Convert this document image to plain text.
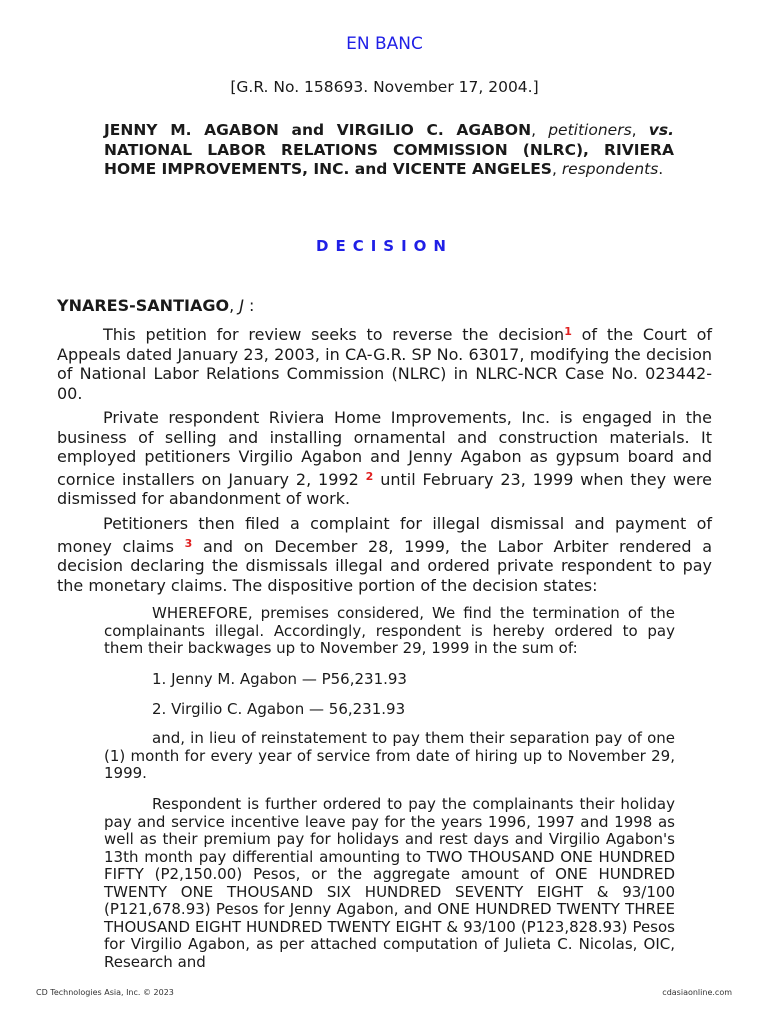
EN BANC
[G.R. No. 158693. November 17, 2004.]
JENNY M. AGABON and VIRGILIO C. AGABON, petitioners, vs. NATIONAL LABOR RELATIONS COMMISSION (NLRC), RIVIERA HOME IMPROVEMENTS, INC. and VICENTE ANGELES, respondents.
DECISION
YNARES-SANTIAGO, J :
This petition for review seeks to reverse the decision$^1$ of the Court of Appeals dated January 23, 2003, in CA-G.R. SP No. 63017, modifying the decision of National Labor Relations Commission (NLRC) in NLRC-NCR Case No. 023442-00.
Private respondent Riviera Home Improvements, Inc. is engaged in the business of selling and installing ornamental and construction materials. It employed petitioners Virgilio Agabon and Jenny Agabon as gypsum board and cornice installers on January 2, 1992 $^2$ until February 23, 1999 when they were dismissed for abandonment of work.
Petitioners then filed a complaint for illegal dismissal and payment of money claims $^3$ and on December 28, 1999, the Labor Arbiter rendered a decision declaring the dismissals illegal and ordered private respondent to pay the monetary claims. The dispositive portion of the decision states:
WHEREFORE, premises considered, We find the termination of the complainants illegal. Accordingly, respondent is hereby ordered to pay them their backwages up to November 29, 1999 in the sum of:
1. Jenny M. Agabon — P56,231.93
2. Virgilio C. Agabon — 56,231.93
and, in lieu of reinstatement to pay them their separation pay of one (1) month for every year of service from date of hiring up to November 29, 1999.
Respondent is further ordered to pay the complainants their holiday pay and service incentive leave pay for the years 1996, 1997 and 1998 as well as their premium pay for holidays and rest days and Virgilio Agabon's 13th month pay differential amounting to TWO THOUSAND ONE HUNDRED FIFTY (P2,150.00) Pesos, or the aggregate amount of ONE HUNDRED TWENTY ONE THOUSAND SIX HUNDRED SEVENTY EIGHT & 93/100 (P121,678.93) Pesos for Jenny Agabon, and ONE HUNDRED TWENTY THREE THOUSAND EIGHT HUNDRED TWENTY EIGHT & 93/100 (P123,828.93) Pesos for Virgilio Agabon, as per attached computation of Julieta C. Nicolas, OIC, Research and
CD Technologies Asia, Inc. © 2023	cdasiaonline.com
